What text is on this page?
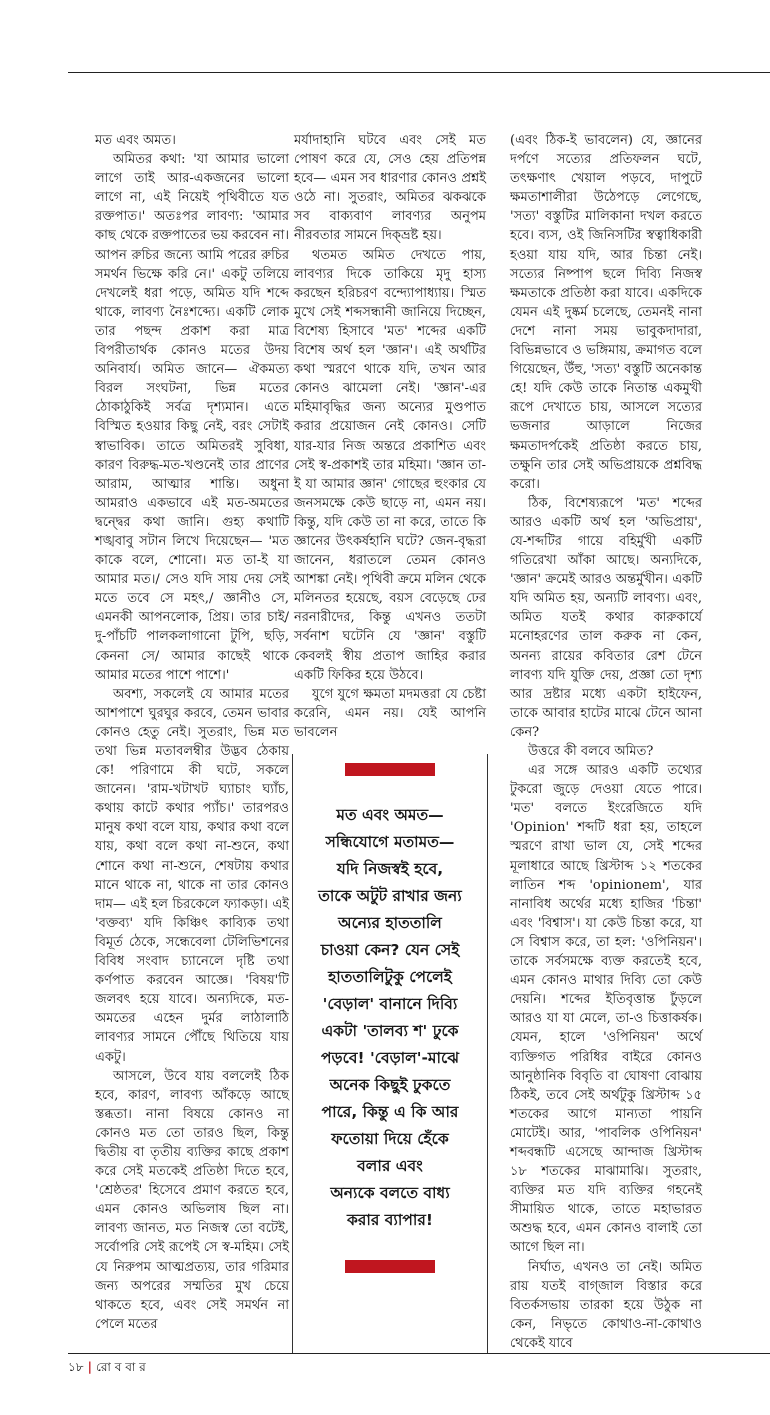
মত এবং অমত।

অমিতর কথা: 'যা আমার ভালো লাগে তাই আর-একজনের ভালো লাগে না, এই নিয়েই পৃথিবীতে যত রক্তপাত।' অতঃপর লাবণ্য: 'আমার কাছ থেকে রক্তপাতের ভয় করবেন না। আপন রুচির জন্যে আমি পরের রুচির সমর্থন ভিক্ষে করি নে।' একটু তলিয়ে দেখলেই ধরা পড়ে, অমিত যদি শব্দে থাকে, লাবণ্য নৈঃশব্দ্যে। একটি লোক তার পছন্দ প্রকাশ করা মাত্র বিপরীতার্থক কোনও মতের উদয় অনিবার্য। অমিত জানে— ঐকমত্য বিরল সংঘটনা, ভিন্ন মতের ঠোকাঠুকিই সর্বত্র দৃশ্যমান। এতে বিস্মিত হওয়ার কিছু নেই, বরং সেটাই স্বাভাবিক। তাতে অমিতরই সুবিধা, কারণ বিরুদ্ধ-মত-খণ্ডনেই তার প্রাণের আরাম, আত্মার শান্তি। অধুনা আমরাও একভাবে এই মত-অমতের দ্বন্দ্বের কথা জানি। গুহ্য কথাটি শঙ্খবাবু সটান লিখে দিয়েছেন— 'মত কাকে বলে, শোনো। মত তা-ই যা আমার মত।/ সেও যদি সায় দেয় সেই মতে তবে সে মহৎ,/ জ্ঞানীও সে, এমনকী আপনলোক, প্রিয়। তার চাই/ দু-পাঁচটি পালকলাগানো টুপি, ছড়ি, কেননা সে/ আমার কাছেই থাকে আমার মতের পাশে পাশে।'

অবশ্য, সকলেই যে আমার মতের আশপাশে ঘুরঘুর করবে, তেমন ভাবার কোনও হেতু নেই। সুতরাং, ভিন্ন মত তথা ভিন্ন মতাবলম্বীর উদ্ভব ঠেকায় কে! পরিণামে কী ঘটে, সকলে জানেন। 'রাম-খটাখট ঘ্যাচাং ঘ্যাঁচ, কথায় কাটে কথার প্যাঁচ।' তারপরও মানুষ কথা বলে যায়, কথার কথা বলে যায়, কথা বলে কথা না-শুনে, কথা শোনে কথা না-শুনে, শেষটায় কথার মানে থাকে না, থাকে না তার কোনও দাম— এই হল চিরকেলে ফ্যাকড়া। এই 'বক্তব্য' যদি কিঞ্চিৎ কাব্যিক তথা বিমূর্ত ঠেকে, সন্ধেবেলা টেলিভিশনের বিবিধ সংবাদ চ্যানেলে দৃষ্টি তথা কর্ণপাত করবেন আজ্ঞে। 'বিষয়'টি জলবৎ হয়ে যাবে। অন্যদিকে, মত-অমতের এহেন দুর্মর লাঠালাঠি লাবণ্যর সামনে পৌঁছে থিতিয়ে যায় একটু।

আসলে, উবে যায় বললেই ঠিক হবে, কারণ, লাবণ্য আঁকড়ে আছে স্তব্ধতা। নানা বিষয়ে কোনও না কোনও মত তো তারও ছিল, কিন্তু দ্বিতীয় বা তৃতীয় ব্যক্তির কাছে প্রকাশ করে সেই মতকেই প্রতিষ্ঠা দিতে হবে, 'শ্রেষ্ঠতর' হিসেবে প্রমাণ করতে হবে, এমন কোনও অভিলাষ ছিল না। লাবণ্য জানত, মত নিজস্ব তো বটেই, সর্বোপরি সেই রূপেই সে স্ব-মহিম। সেই যে নিরুপম আত্মপ্রত্যয়, তার গরিমার জন্য অপরের সম্মতির মুখ চেয়ে থাকতে হবে, এবং সেই সমর্থন না পেলে মতের

মর্যাদাহানি ঘটবে এবং সেই মত পোষণ করে যে, সেও হেয় প্রতিপন্ন হবে— এমন সব ধারণার কোনও প্রশ্নই ওঠে না। সুতরাং, অমিতর ঝকঝকে সব বাক্যবাণ লাবণ্যর অনুপম নীরবতার সামনে দিক্‌ভ্রষ্ট হয়।

থতমত অমিত দেখতে পায়, লাবণ্যর দিকে তাকিয়ে মৃদু হাস্য করছেন হরিচরণ বন্দ্যোপাধ্যায়। স্মিত মুখে সেই শব্দসন্ধানী জানিয়ে দিচ্ছেন, বিশেষ্য হিসাবে 'মত' শব্দের একটি বিশেষ অর্থ হল 'জ্ঞান'। এই অর্থটির কথা স্মরণে থাকে যদি, তখন আর কোনও ঝামেলা নেই। 'জ্ঞান'-এর মহিমাবৃদ্ধির জন্য অন্যের মুণ্ডপাত করার প্রয়োজন নেই কোনও। সেটি যার-যার নিজ অন্তরে প্রকাশিত এবং সেই স্ব-প্রকাশই তার মহিমা। 'জ্ঞান তা-ই যা আমার জ্ঞান' গোছের হুংকার যে জনসমক্ষে কেউ ছাড়ে না, এমন নয়। কিন্তু, যদি কেউ তা না করে, তাতে কি জ্ঞানের উৎকর্ষহানি ঘটে? জেন-বৃদ্ধরা জানেন, ধরাতলে তেমন কোনও আশঙ্কা নেই। পৃথিবী ক্রমে মলিন থেকে মলিনতর হয়েছে, বয়স বেড়েছে ঢের নরনারীদের, কিন্তু এখনও ততটা সর্বনাশ ঘটেনি যে 'জ্ঞান' বস্তুটি কেবলই স্বীয় প্রতাপ জাহির করার একটি ফিকির হয়ে উঠবে।

যুগে যুগে ক্ষমতা মদমত্তরা যে চেষ্টা করেনি, এমন নয়। যেই আপনি ভাবলেন

মত এবং অমত—
সন্ধিযোগে মতামত—
যদি নিজস্বই হবে,
তাকে অটুট রাখার জন্য
অন্যের হাততালি
চাওয়া কেন? যেন সেই
হাততালিটুকু পেলেই
'বেড়াল' বানানে দিব্যি
একটা 'তালব্য শ' ঢুকে
পড়বে! 'বেড়াল'-মাঝে
অনেক কিছুই ঢুকতে
পারে, কিন্তু এ কি আর
ফতোয়া দিয়ে হেঁকে
বলার এবং
অন্যকে বলতে বাধ্য
করার ব্যাপার!

(এবং ঠিক-ই ভাবলেন) যে, জ্ঞানের দর্পণে সত্যের প্রতিফলন ঘটে, তৎক্ষণাৎ খেয়াল পড়বে, দাপুটে ক্ষমতাশালীরা উঠেপড়ে লেগেছে, 'সত্য' বস্তুটির মালিকানা দখল করতে হবে। ব্যস, ওই জিনিসটির স্বত্বাধিকারী হওয়া যায় যদি, আর চিন্তা নেই। সত্যের নিষ্পাপ ছলে দিব্যি নিজস্ব ক্ষমতাকে প্রতিষ্ঠা করা যাবে। একদিকে যেমন এই দুষ্কর্ম চলেছে, তেমনই নানা দেশে নানা সময় ভাবুকদাদারা, বিভিন্নভাবে ও ভঙ্গিমায়, ক্রমাগত বলে গিয়েছেন, উঁহু, 'সত্য' বস্তুটি অনেকান্ত হে! যদি কেউ তাকে নিতান্ত একমুখী রূপে দেখাতে চায়, আসলে সত্যের ভজনার আড়ালে নিজের ক্ষমতাদর্পকেই প্রতিষ্ঠা করতে চায়, তক্ষুনি তার সেই অভিপ্রায়কে প্রশ্নবিদ্ধ করো।

ঠিক, বিশেষ্যরূপে 'মত' শব্দের আরও একটি অর্থ হল 'অভিপ্রায়', যে-শব্দটির গায়ে বহির্মুখী একটি গতিরেখা আঁকা আছে। অন্যদিকে, 'জ্ঞান' ক্রমেই আরও অন্তর্মুখীন। একটি যদি অমিত হয়, অন্যটি লাবণ্য। এবং, অমিত যতই কথার কারুকার্যে মনোহরণের তাল করুক না কেন, অনন্য রায়ের কবিতার রেশ টেনে লাবণ্য যদি যুক্তি দেয়, প্রজ্ঞা তো দৃশ্য আর দ্রষ্টার মধ্যে একটা হাইফেন, তাকে আবার হাটের মাঝে টেনে আনা কেন?

উত্তরে কী বলবে অমিত?

এর সঙ্গে আরও একটি তথ্যের টুকরো জুড়ে দেওয়া যেতে পারে। 'মত' বলতে ইংরেজিতে যদি 'Opinion' শব্দটি ধরা হয়, তাহলে স্মরণে রাখা ভাল যে, সেই শব্দের মূলাধারে আছে খ্রিস্টাব্দ ১২ শতকের লাতিন শব্দ 'opinionem', যার নানাবিধ অর্থের মধ্যে হাজির 'চিন্তা' এবং 'বিশ্বাস'। যা কেউ চিন্তা করে, যা সে বিশ্বাস করে, তা হল: 'ওপিনিয়ন'। তাকে সর্বসমক্ষে ব্যক্ত করতেই হবে, এমন কোনও মাথার দিব্যি তো কেউ দেয়নি। শব্দের ইতিবৃত্তান্ত ঢুঁড়লে আরও যা যা মেলে, তা-ও চিত্তাকর্ষক। যেমন, হালে 'ওপিনিয়ন' অর্থে ব্যক্তিগত পরিধির বাইরে কোনও আনুষ্ঠানিক বিবৃতি বা ঘোষণা বোঝায় ঠিকই, তবে সেই অর্থটুকু খ্রিস্টাব্দ ১৫ শতকের আগে মান্যতা পায়নি মোটেই। আর, 'পাবলিক ওপিনিয়ন' শব্দবন্ধটি এসেছে আন্দাজ খ্রিস্টাব্দ ১৮ শতকের মাঝামাঝি। সুতরাং, ব্যক্তির মত যদি ব্যক্তির গহনেই সীমায়িত থাকে, তাতে মহাভারত অশুদ্ধ হবে, এমন কোনও বালাই তো আগে ছিল না।

নির্ঘাত, এখনও তা নেই। অমিত রায় যতই বাগ্‌জাল বিস্তার করে বিতর্কসভায় তারকা হয়ে উঠুক না কেন, নিভৃতে কোথাও-না-কোথাও থেকেই যাবে

১৮ | রো ব বা র
